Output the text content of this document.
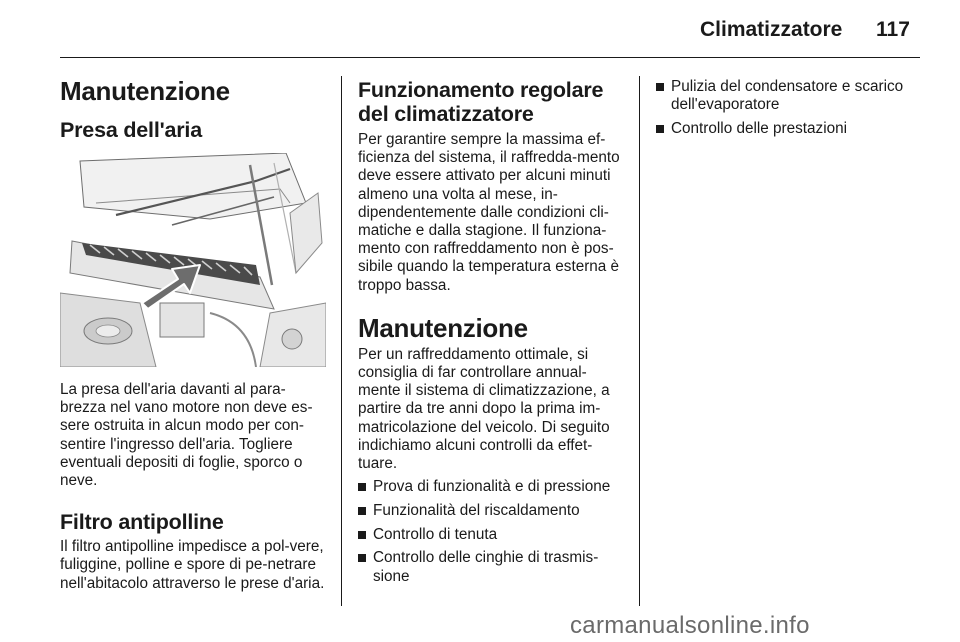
Climatizzatore 117
Manutenzione
Presa dell'aria

La presa dell'aria davanti al para-brezza nel vano motore non deve es-sere ostruita in alcun modo per con-sentire l'ingresso dell'aria. Togliere eventuali depositi di foglie, sporco o neve.

Filtro antipolline

Il filtro antipolline impedisce a pol-vere, fuliggine, polline e spore di pe-netrare nell'abitacolo attraverso le prese d'aria.

Funzionamento regolare del climatizzatore

Per garantire sempre la massima ef-ficienza del sistema, il raffredda-mento deve essere attivato per alcuni minuti almeno una volta al mese, in-dipendentemente dalle condizioni cli-matiche e dalla stagione. Il funziona-mento con raffreddamento non è pos-sibile quando la temperatura esterna è troppo bassa.

Manutenzione

Per un raffreddamento ottimale, si consiglia di far controllare annual-mente il sistema di climatizzazione, a partire da tre anni dopo la prima im-matricolazione del veicolo. Di seguito indichiamo alcuni controlli da effet-tuare.

Prova di funzionalità e di pressione
Funzionalità del riscaldamento
Controllo di tenuta
Controllo delle cinghie di trasmis-sione
Pulizia del condensatore e scarico dell'evaporatore
Controllo delle prestazioni
carmanualsonline.info
